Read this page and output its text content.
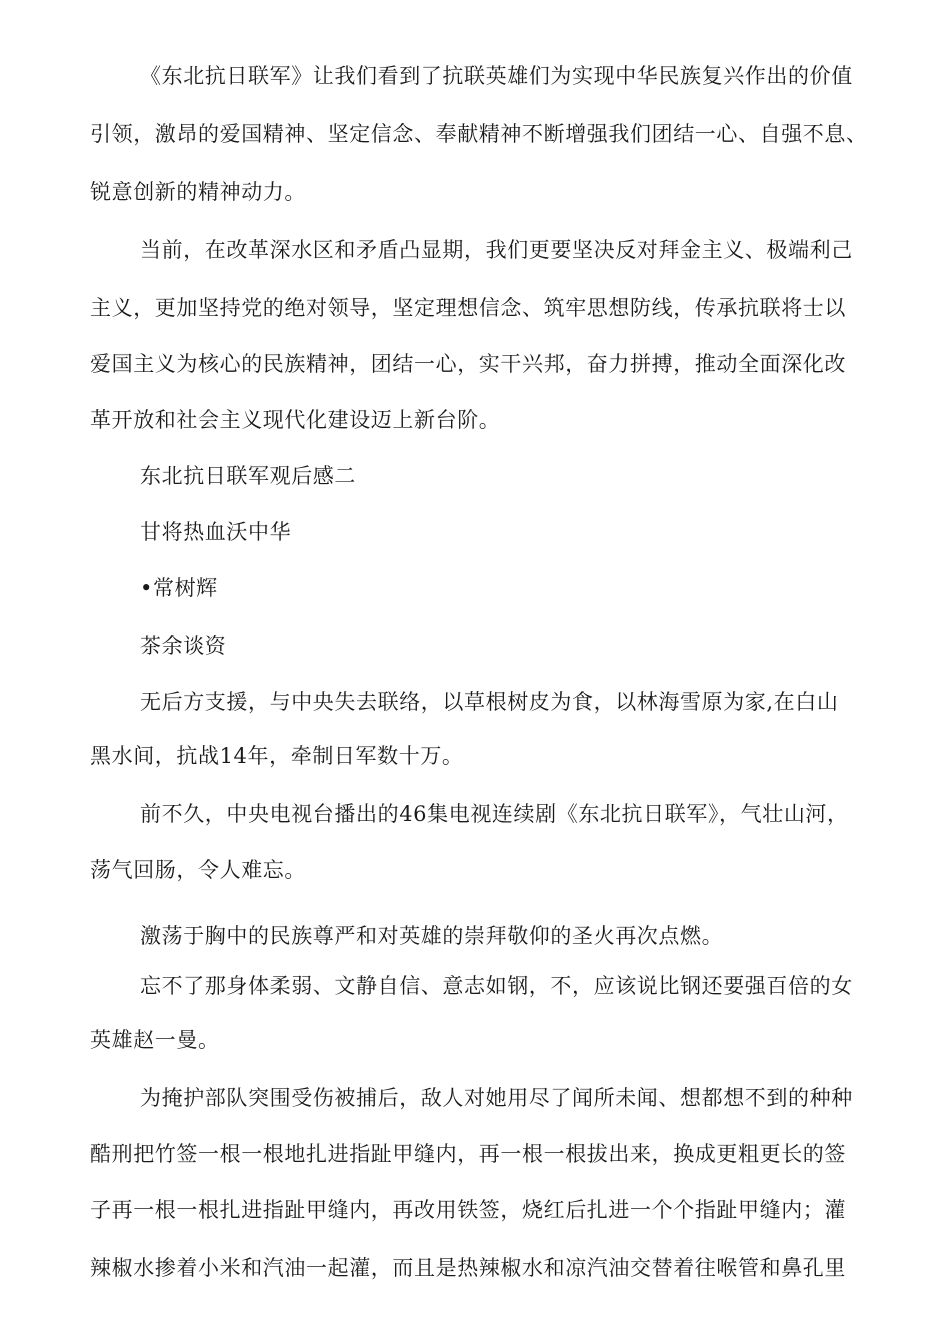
《东北抗日联军》让我们看到了抗联英雄们为实现中华民族复兴作出的价值
引领，激昂的爱国精神、坚定信念、奉献精神不断增强我们团结一心、自强不息、
锐意创新的精神动力。
当前，在改革深水区和矛盾凸显期，我们更要坚决反对拜金主义、极端利己
主义，更加坚持党的绝对领导，坚定理想信念、筑牢思想防线，传承抗联将士以
爱国主义为核心的民族精神，团结一心，实干兴邦，奋力拼搏，推动全面深化改
革开放和社会主义现代化建设迈上新台阶。
东北抗日联军观后感二
甘将热血沃中华
•常树辉
茶余谈资
无后方支援，与中央失去联络，以草根树皮为食，以林海雪原为家,在白山
黑水间，抗战14年，牵制日军数十万。
前不久，中央电视台播出的46集电视连续剧《东北抗日联军》，气壮山河，
荡气回肠，令人难忘。
激荡于胸中的民族尊严和对英雄的崇拜敬仰的圣火再次点燃。
忘不了那身体柔弱、文静自信、意志如钢，不，应该说比钢还要强百倍的女
英雄赵一曼。
为掩护部队突围受伤被捕后，敌人对她用尽了闻所未闻、想都想不到的种种
酷刑把竹签一根一根地扎进指趾甲缝内，再一根一根拔出来，换成更粗更长的签
子再一根一根扎进指趾甲缝内，再改用铁签，烧红后扎进一个个指趾甲缝内；灌
辣椒水掺着小米和汽油一起灌，而且是热辣椒水和凉汽油交替着往喉管和鼻孔里
